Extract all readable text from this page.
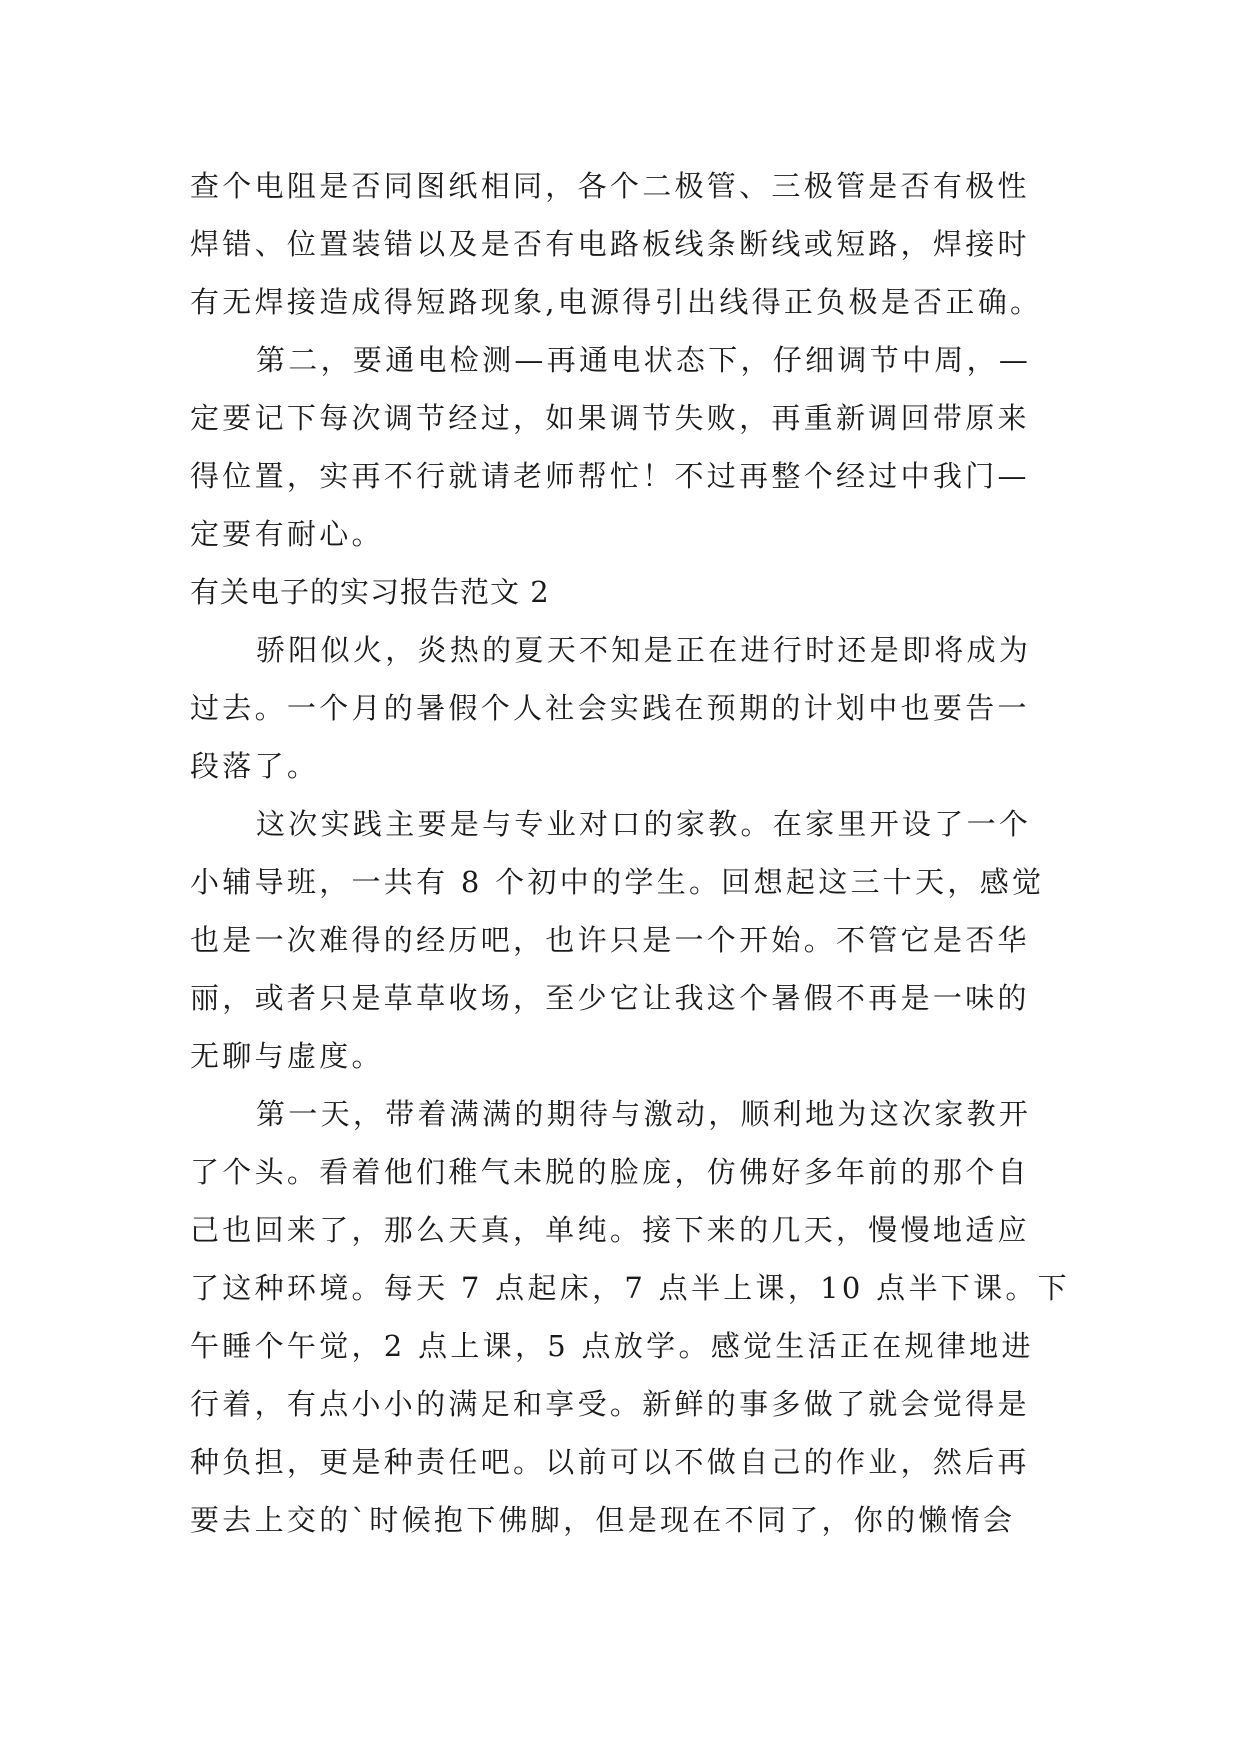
查个电阻是否同图纸相同，各个二极管、三极管是否有极性
焊错、位置装错以及是否有电路板线条断线或短路，焊接时
有无焊接造成得短路现象,电源得引出线得正负极是否正确。
第二，要通电检测—再通电状态下，仔细调节中周，—
定要记下每次调节经过，如果调节失败，再重新调回带原来
得位置，实再不行就请老师帮忙！不过再整个经过中我门—
定要有耐心。
有关电子的实习报告范文 2
骄阳似火，炎热的夏天不知是正在进行时还是即将成为
过去。一个月的暑假个人社会实践在预期的计划中也要告一
段落了。
这次实践主要是与专业对口的家教。在家里开设了一个
小辅导班，一共有 8 个初中的学生。回想起这三十天，感觉
也是一次难得的经历吧，也许只是一个开始。不管它是否华
丽，或者只是草草收场，至少它让我这个暑假不再是一味的
无聊与虚度。
第一天，带着满满的期待与激动，顺利地为这次家教开
了个头。看着他们稚气未脱的脸庞，仿佛好多年前的那个自
己也回来了，那么天真，单纯。接下来的几天，慢慢地适应
了这种环境。每天 7 点起床，7 点半上课，10 点半下课。下
午睡个午觉，2 点上课，5 点放学。感觉生活正在规律地进
行着，有点小小的满足和享受。新鲜的事多做了就会觉得是
种负担，更是种责任吧。以前可以不做自己的作业，然后再
要去上交的`时候抱下佛脚，但是现在不同了，你的懒惰会
